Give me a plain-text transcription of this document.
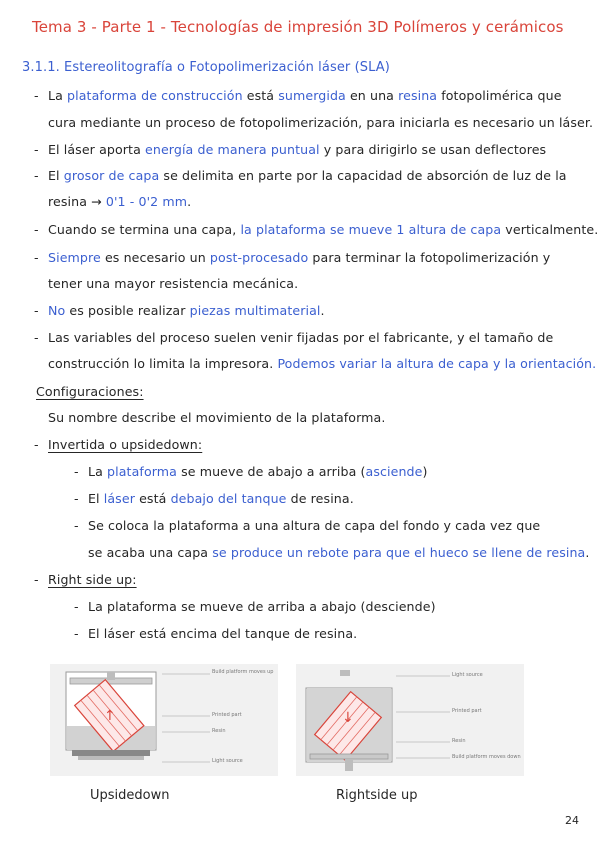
Tema 3 - Parte 1 - Tecnologías de impresión 3D Polímeros y cerámicos
3.1.1. Estereolitografía o Fotopolimerización láser (SLA)
- La plataforma de construcción está sumergida en una resina fotopolimérica que
cura mediante un proceso de fotopolimerización, para iniciarla es necesario un láser.
- El láser aporta energía de manera puntual y para dirigirlo se usan deflectores
- El grosor de capa se delimita en parte por la capacidad de absorción de luz de la
resina → 0'1 - 0'2 mm.
- Cuando se termina una capa, la plataforma se mueve 1 altura de capa verticalmente.
- Siempre es necesario un post-procesado para terminar la fotopolimerización y
tener una mayor resistencia mecánica.
- No es posible realizar piezas multimaterial.
- Las variables del proceso suelen venir fijadas por el fabricante, y el tamaño de
construcción lo limita la impresora. Podemos variar la altura de capa y la orientación.
Configuraciones:
Su nombre describe el movimiento de la plataforma.
- Invertida o upsidedown:
- La plataforma se mueve de abajo a arriba (asciende)
- El láser está debajo del tanque de resina.
- Se coloca la plataforma a una altura de capa del fondo y cada vez que
se acaba una capa se produce un rebote para que el hueco se llene de resina.
- Right side up:
- La plataforma se mueve de arriba a abajo (desciende)
- El láser está encima del tanque de resina.
↑
Build platform moves up
Printed part
Resin
Light source
Upsidedown
↓
Light source
Printed part
Resin
Build platform moves down
Rightside up
24
